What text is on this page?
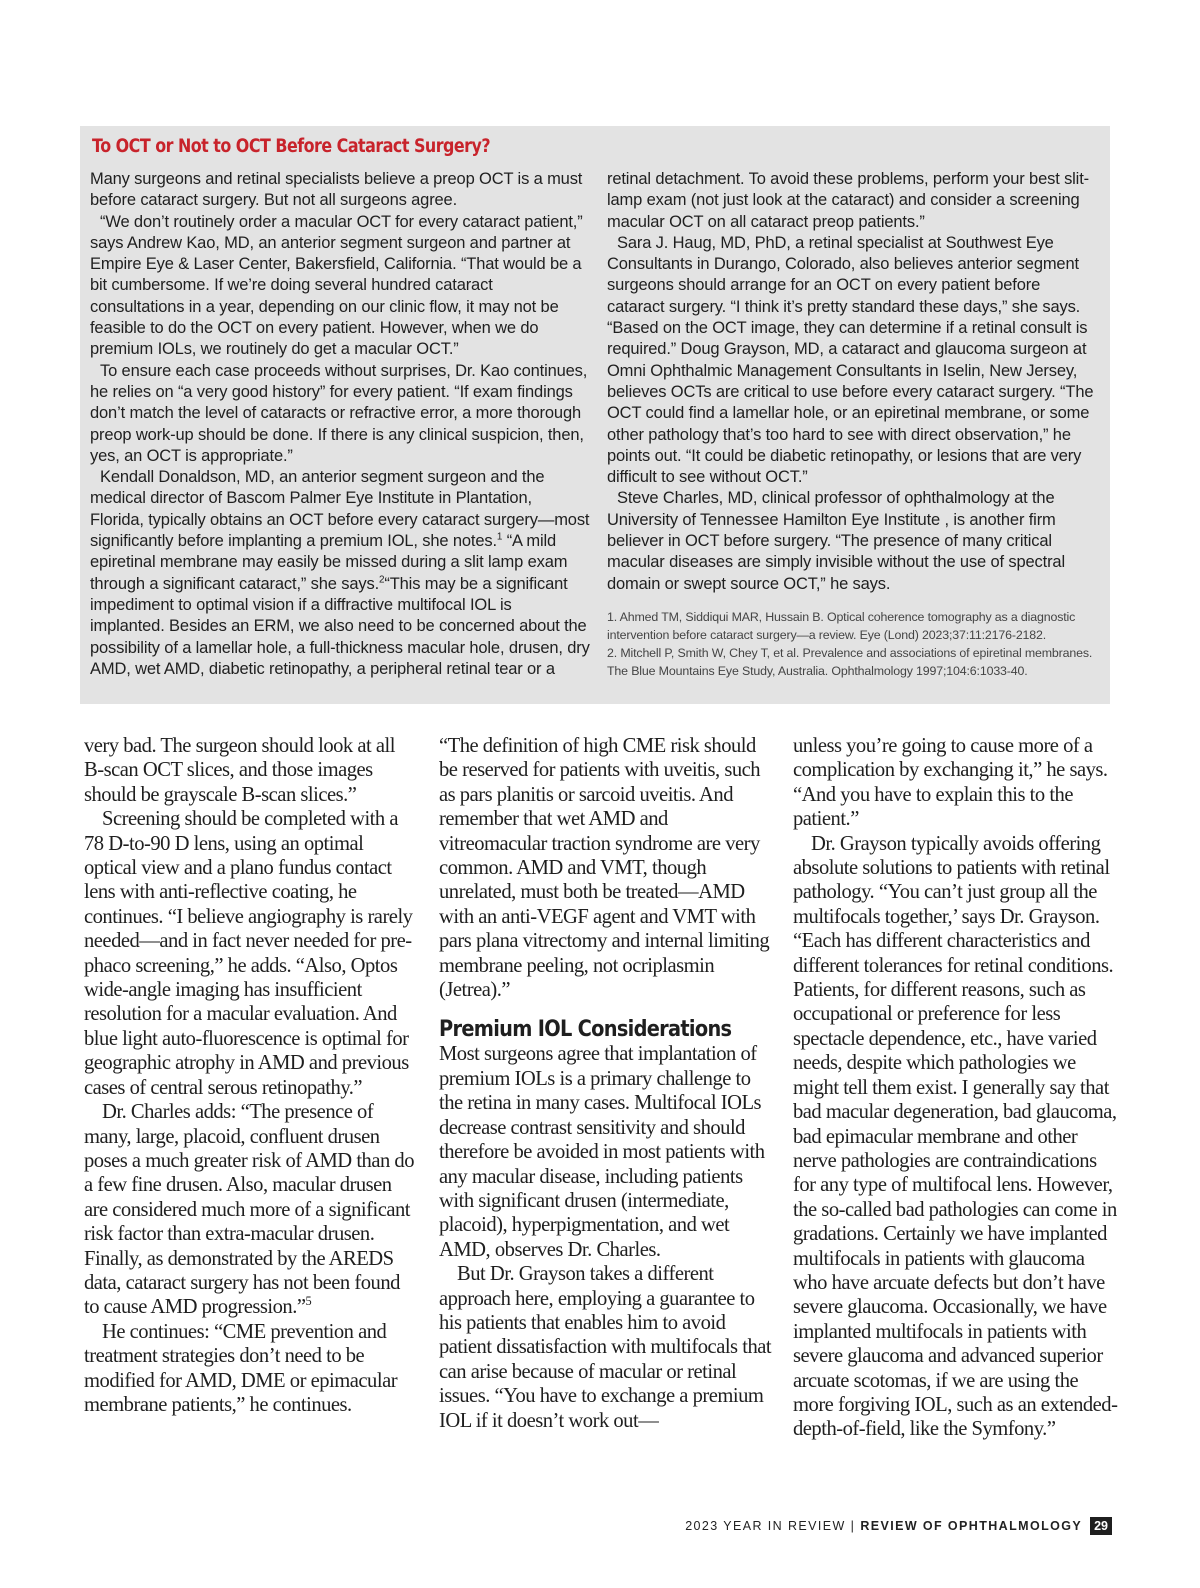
To OCT or Not to OCT Before Cataract Surgery?

Many surgeons and retinal specialists believe a preop OCT is a must before cataract surgery. But not all surgeons agree.

“We don’t routinely order a macular OCT for every cataract patient,” says Andrew Kao, MD, an anterior segment surgeon and partner at Empire Eye & Laser Center, Bakersfield, California. “That would be a bit cumbersome. If we’re doing several hundred cataract consultations in a year, depending on our clinic flow, it may not be feasible to do the OCT on every patient. However, when we do premium IOLs, we routinely do get a macular OCT.”

To ensure each case proceeds without surprises, Dr. Kao continues, he relies on “a very good history” for every patient. “If exam findings don’t match the level of cataracts or refractive error, a more thorough preop work-up should be done. If there is any clinical suspicion, then, yes, an OCT is appropriate.”

Kendall Donaldson, MD, an anterior segment surgeon and the medical director of Bascom Palmer Eye Institute in Plantation, Florida, typically obtains an OCT before every cataract surgery—most significantly before implanting a premium IOL, she notes.$^1$ “A mild epiretinal membrane may easily be missed during a slit lamp exam through a significant cataract,” she says.$^2$“This may be a significant impediment to optimal vision if a diffractive multifocal IOL is implanted. Besides an ERM, we also need to be concerned about the possibility of a lamellar hole, a full-thickness macular hole, drusen, dry AMD, wet AMD, diabetic retinopathy, a peripheral retinal tear or a

retinal detachment. To avoid these problems, perform your best slit-lamp exam (not just look at the cataract) and consider a screening macular OCT on all cataract preop patients.”

Sara J. Haug, MD, PhD, a retinal specialist at Southwest Eye Consultants in Durango, Colorado, also believes anterior segment surgeons should arrange for an OCT on every patient before cataract surgery. “I think it’s pretty standard these days,” she says. “Based on the OCT image, they can determine if a retinal consult is required.” Doug Grayson, MD, a cataract and glaucoma surgeon at Omni Ophthalmic Management Consultants in Iselin, New Jersey, believes OCTs are critical to use before every cataract surgery. “The OCT could find a lamellar hole, or an epiretinal membrane, or some other pathology that’s too hard to see with direct observation,” he points out. “It could be diabetic retinopathy, or lesions that are very difficult to see without OCT.”

Steve Charles, MD, clinical professor of ophthalmology at the University of Tennessee Hamilton Eye Institute , is another firm believer in OCT before surgery. “The presence of many critical macular diseases are simply invisible without the use of spectral domain or swept source OCT,” he says.

1. Ahmed TM, Siddiqui MAR, Hussain B. Optical coherence tomography as a diagnostic intervention before cataract surgery—a review. Eye (Lond) 2023;37:11:2176-2182.

2. Mitchell P, Smith W, Chey T, et al. Prevalence and associations of epiretinal membranes. The Blue Mountains Eye Study, Australia. Ophthalmology 1997;104:6:1033-40.

very bad. The surgeon should look at all B-scan OCT slices, and those images should be grayscale B-scan slices.”

Screening should be completed with a 78 D-to-90 D lens, using an optimal optical view and a plano fundus contact lens with anti-reflective coating, he continues. “I believe angiography is rarely needed—and in fact never needed for pre-phaco screening,” he adds. “Also, Optos wide-angle imaging has insufficient resolution for a macular evaluation. And blue light auto-fluorescence is optimal for geographic atrophy in AMD and previous cases of central serous retinopathy.”

Dr. Charles adds: “The presence of many, large, placoid, confluent drusen poses a much greater risk of AMD than do a few fine drusen. Also, macular drusen are considered much more of a significant risk factor than extra-macular drusen. Finally, as demonstrated by the AREDS data, cataract surgery has not been found to cause AMD progression.”$^5$

He continues: “CME prevention and treatment strategies don’t need to be modified for AMD, DME or epimacular membrane patients,” he continues.

“The definition of high CME risk should be reserved for patients with uveitis, such as pars planitis or sarcoid uveitis. And remember that wet AMD and vitreomacular traction syndrome are very common. AMD and VMT, though unrelated, must both be treated—AMD with an anti-VEGF agent and VMT with pars plana vitrectomy and internal limiting membrane peeling, not ocriplasmin (Jetrea).”

Premium IOL Considerations

Most surgeons agree that implantation of premium IOLs is a primary challenge to the retina in many cases. Multifocal IOLs decrease contrast sensitivity and should therefore be avoided in most patients with any macular disease, including patients with significant drusen (intermediate, placoid), hyperpigmentation, and wet AMD, observes Dr. Charles.

But Dr. Grayson takes a different approach here, employing a guarantee to his patients that enables him to avoid patient dissatisfaction with multifocals that can arise because of macular or retinal issues. “You have to exchange a premium IOL if it doesn’t work out—

unless you’re going to cause more of a complication by exchanging it,” he says. “And you have to explain this to the patient.”

Dr. Grayson typically avoids offering absolute solutions to patients with retinal pathology. “You can’t just group all the multifocals together,’ says Dr. Grayson. “Each has different characteristics and different tolerances for retinal conditions. Patients, for different reasons, such as occupational or preference for less spectacle dependence, etc., have varied needs, despite which pathologies we might tell them exist. I generally say that bad macular degeneration, bad glaucoma, bad epimacular membrane and other nerve pathologies are contraindications for any type of multifocal lens. However, the so-called bad pathologies can come in gradations. Certainly we have implanted multifocals in patients with glaucoma who have arcuate defects but don’t have severe glaucoma. Occasionally, we have implanted multifocals in patients with severe glaucoma and advanced superior arcuate scotomas, if we are using the more forgiving IOL, such as an extended-depth-of-field, like the Symfony.”

2023 YEAR IN REVIEW | REVIEW OF OPHTHALMOLOGY 29
